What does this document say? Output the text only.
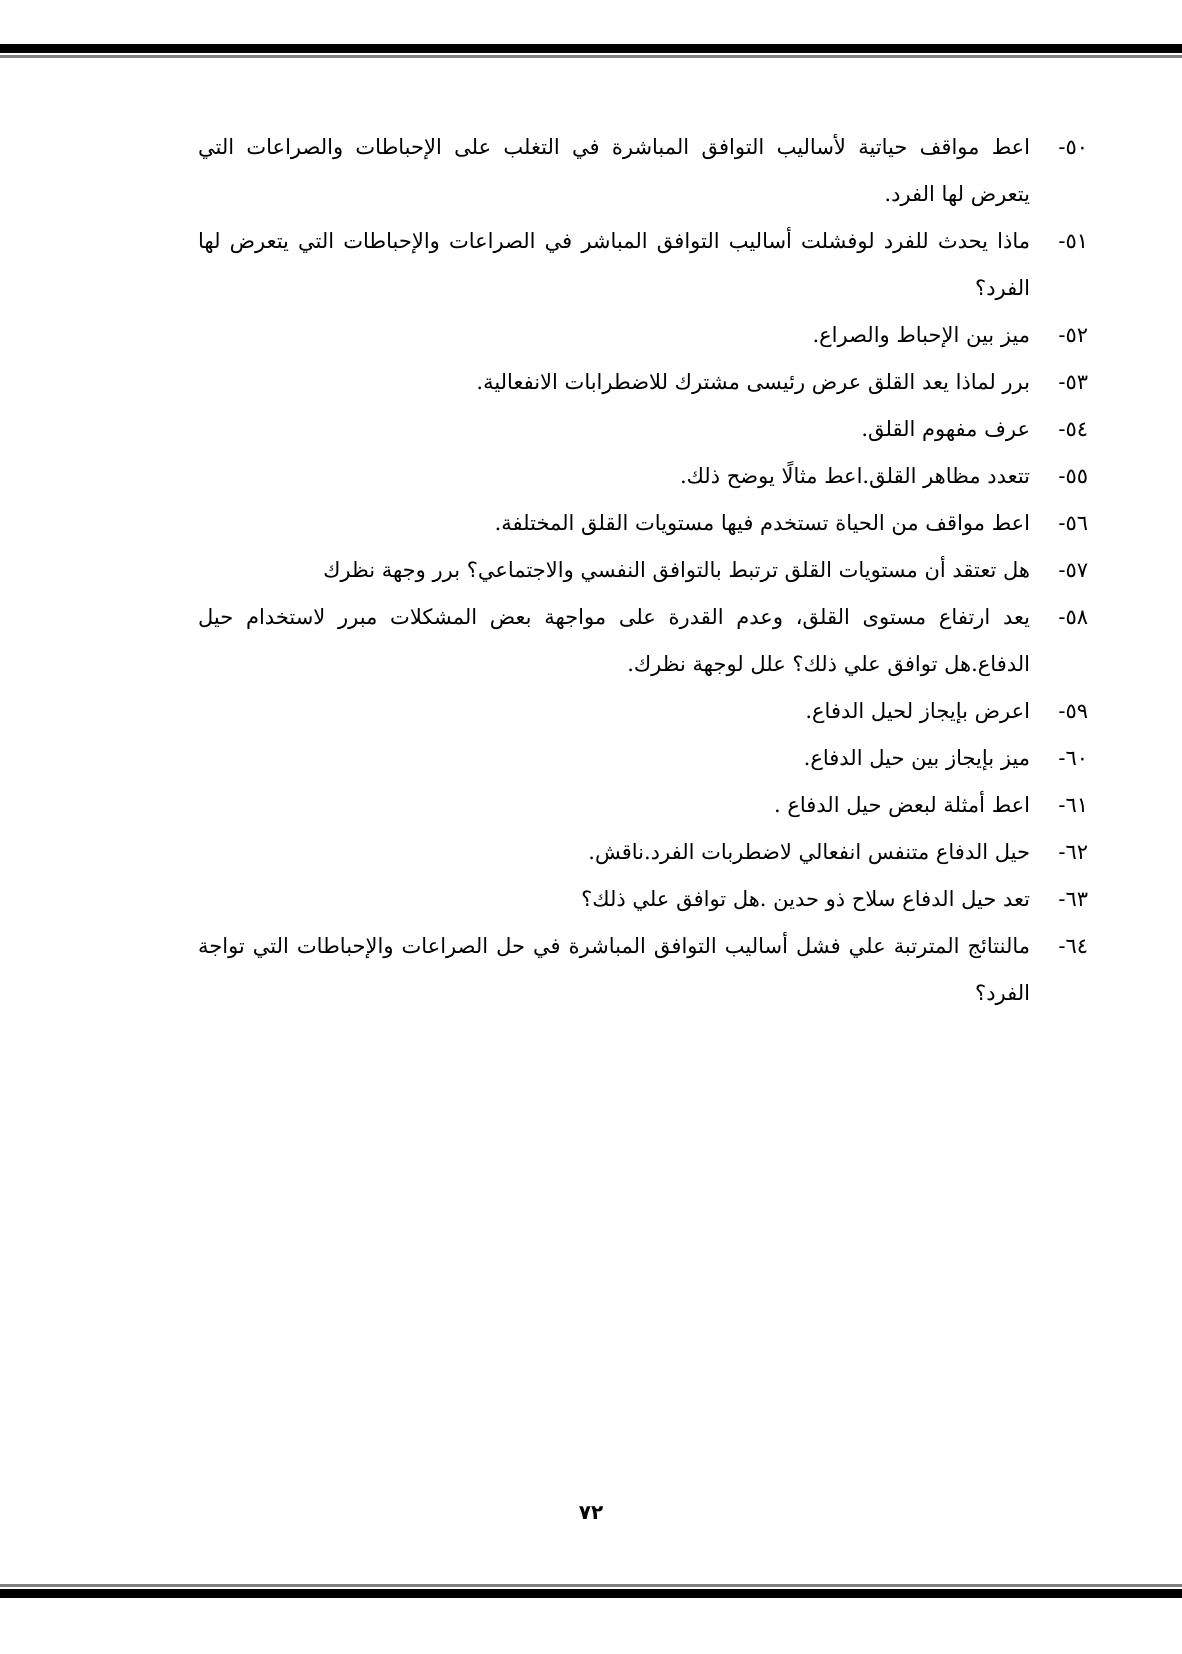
٥٠-
اعط مواقف حياتية لأساليب التوافق المباشرة في التغلب على الإحباطات والصراعات التي يتعرض لها الفرد.
٥١-
ماذا يحدث للفرد لوفشلت أساليب التوافق المباشر في الصراعات والإحباطات التي يتعرض لها الفرد؟
٥٢-
ميز بين الإحباط والصراع.
٥٣-
برر لماذا يعد القلق عرض رئيسى مشترك للاضطرابات الانفعالية.
٥٤-
عرف مفهوم القلق.
٥٥-
تتعدد مظاهر القلق.اعط مثالًا يوضح ذلك.
٥٦-
اعط مواقف من الحياة تستخدم فيها مستويات القلق المختلفة.
٥٧-
هل تعتقد أن مستويات القلق ترتبط بالتوافق النفسي والاجتماعي؟ برر وجهة نظرك
٥٨-
يعد ارتفاع مستوى القلق، وعدم القدرة على مواجهة بعض المشكلات مبرر لاستخدام حيل الدفاع.هل توافق علي ذلك؟ علل لوجهة نظرك.
٥٩-
اعرض بإيجاز لحيل الدفاع.
٦٠-
ميز بإيجاز بين حيل الدفاع.
٦١-
اعط أمثلة لبعض حيل الدفاع .
٦٢-
حيل الدفاع متنفس انفعالي لاضطربات الفرد.ناقش.
٦٣-
تعد حيل الدفاع سلاح ذو حدين .هل توافق علي ذلك؟
٦٤-
مالنتائج المترتبة علي فشل أساليب التوافق المباشرة في حل الصراعات والإحباطات التي تواجة الفرد؟
٧٢
